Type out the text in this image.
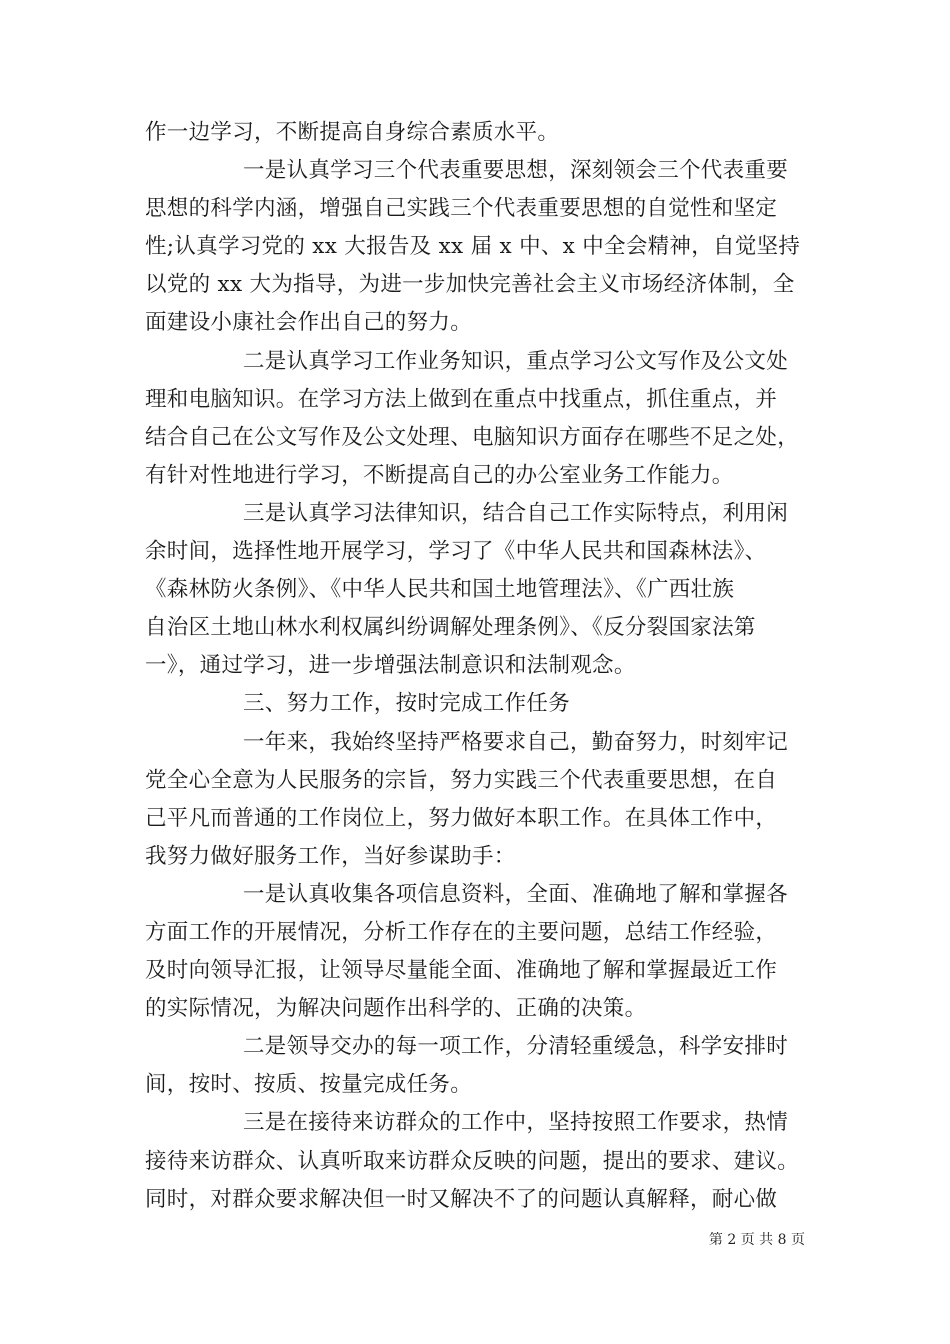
作一边学习，不断提高自身综合素质水平。
一是认真学习三个代表重要思想，深刻领会三个代表重要
思想的科学内涵，增强自己实践三个代表重要思想的自觉性和坚定
性;认真学习党的 xx 大报告及 xx 届 x 中、x 中全会精神，自觉坚持
以党的 xx 大为指导，为进一步加快完善社会主义市场经济体制，全
面建设小康社会作出自己的努力。
二是认真学习工作业务知识，重点学习公文写作及公文处
理和电脑知识。在学习方法上做到在重点中找重点，抓住重点，并
结合自己在公文写作及公文处理、电脑知识方面存在哪些不足之处，
有针对性地进行学习，不断提高自己的办公室业务工作能力。
三是认真学习法律知识，结合自己工作实际特点，利用闲
余时间，选择性地开展学习，学习了《中华人民共和国森林法》、
《森林防火条例》、《中华人民共和国土地管理法》、《广西壮族
自治区土地山林水利权属纠纷调解处理条例》、《反分裂国家法第
一》，通过学习，进一步增强法制意识和法制观念。
三、努力工作，按时完成工作任务
一年来，我始终坚持严格要求自己，勤奋努力，时刻牢记
党全心全意为人民服务的宗旨，努力实践三个代表重要思想，在自
己平凡而普通的工作岗位上，努力做好本职工作。在具体工作中，
我努力做好服务工作，当好参谋助手：
一是认真收集各项信息资料，全面、准确地了解和掌握各
方面工作的开展情况，分析工作存在的主要问题，总结工作经验，
及时向领导汇报，让领导尽量能全面、准确地了解和掌握最近工作
的实际情况，为解决问题作出科学的、正确的决策。
二是领导交办的每一项工作，分清轻重缓急，科学安排时
间，按时、按质、按量完成任务。
三是在接待来访群众的工作中，坚持按照工作要求，热情
接待来访群众、认真听取来访群众反映的问题，提出的要求、建议。
同时，对群众要求解决但一时又解决不了的问题认真解释，耐心做
第 2 页 共 8 页
